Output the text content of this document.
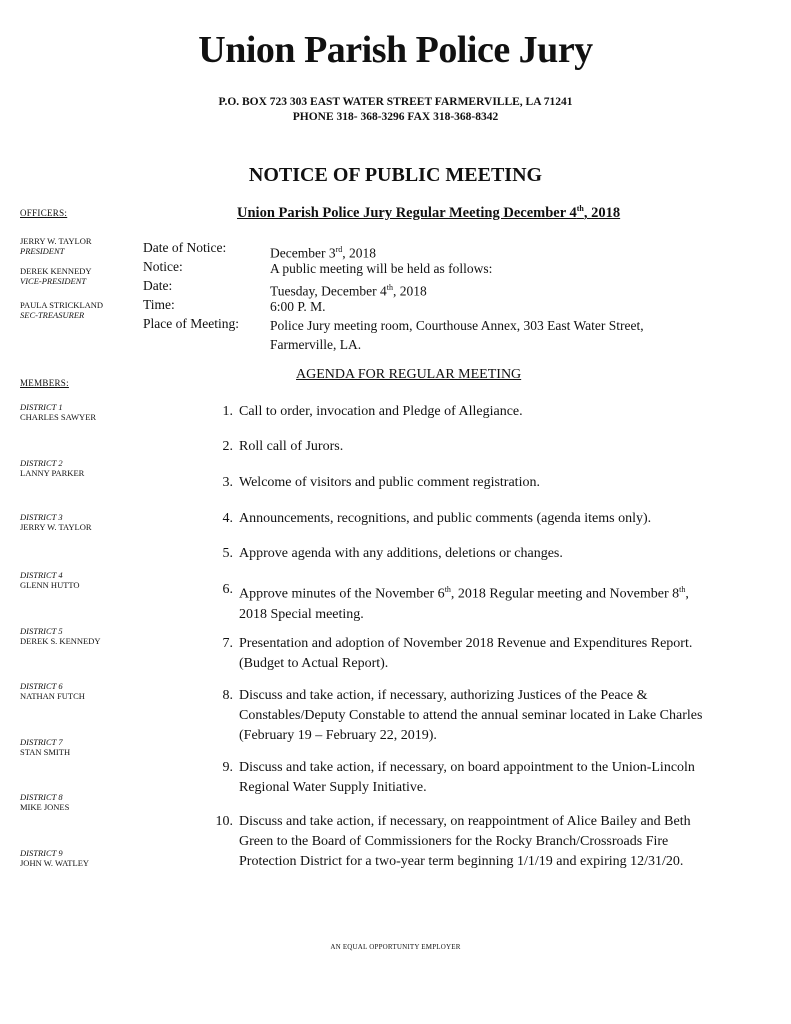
Union Parish Police Jury
P.O. BOX 723 303 EAST WATER STREET FARMERVILLE, LA 71241
PHONE 318- 368-3296 FAX 318-368-8342
NOTICE OF PUBLIC MEETING
Union Parish Police Jury Regular Meeting December 4th, 2018
OFFICERS:
JERRY W. TAYLOR
PRESIDENT
DEREK KENNEDY
VICE-PRESIDENT
PAULA STRICKLAND
SEC-TREASURER
MEMBERS:
DISTRICT 1
CHARLES SAWYER
DISTRICT 2
LANNY PARKER
DISTRICT 3
JERRY W. TAYLOR
DISTRICT 4
GLENN HUTTO
DISTRICT 5
DEREK S. KENNEDY
DISTRICT 6
NATHAN FUTCH
DISTRICT 7
STAN SMITH
DISTRICT 8
MIKE JONES
DISTRICT 9
JOHN W. WATLEY
Date of Notice:	December 3rd, 2018
Notice:	A public meeting will be held as follows:
Date:	Tuesday, December 4th, 2018
Time:	6:00 P. M.
Place of Meeting: Police Jury meeting room, Courthouse Annex, 303 East Water Street, Farmerville, LA.
AGENDA FOR REGULAR MEETING
1. Call to order, invocation and Pledge of Allegiance.
2. Roll call of Jurors.
3. Welcome of visitors and public comment registration.
4. Announcements, recognitions, and public comments (agenda items only).
5. Approve agenda with any additions, deletions or changes.
6. Approve minutes of the November 6th, 2018 Regular meeting and November 8th, 2018 Special meeting.
7. Presentation and adoption of November 2018 Revenue and Expenditures Report. (Budget to Actual Report).
8. Discuss and take action, if necessary, authorizing Justices of the Peace & Constables/Deputy Constable to attend the annual seminar located in Lake Charles (February 19 – February 22, 2019).
9. Discuss and take action, if necessary, on board appointment to the Union-Lincoln Regional Water Supply Initiative.
10. Discuss and take action, if necessary, on reappointment of Alice Bailey and Beth Green to the Board of Commissioners for the Rocky Branch/Crossroads Fire Protection District for a two-year term beginning 1/1/19 and expiring 12/31/20.
AN EQUAL OPPORTUNITY EMPLOYER
